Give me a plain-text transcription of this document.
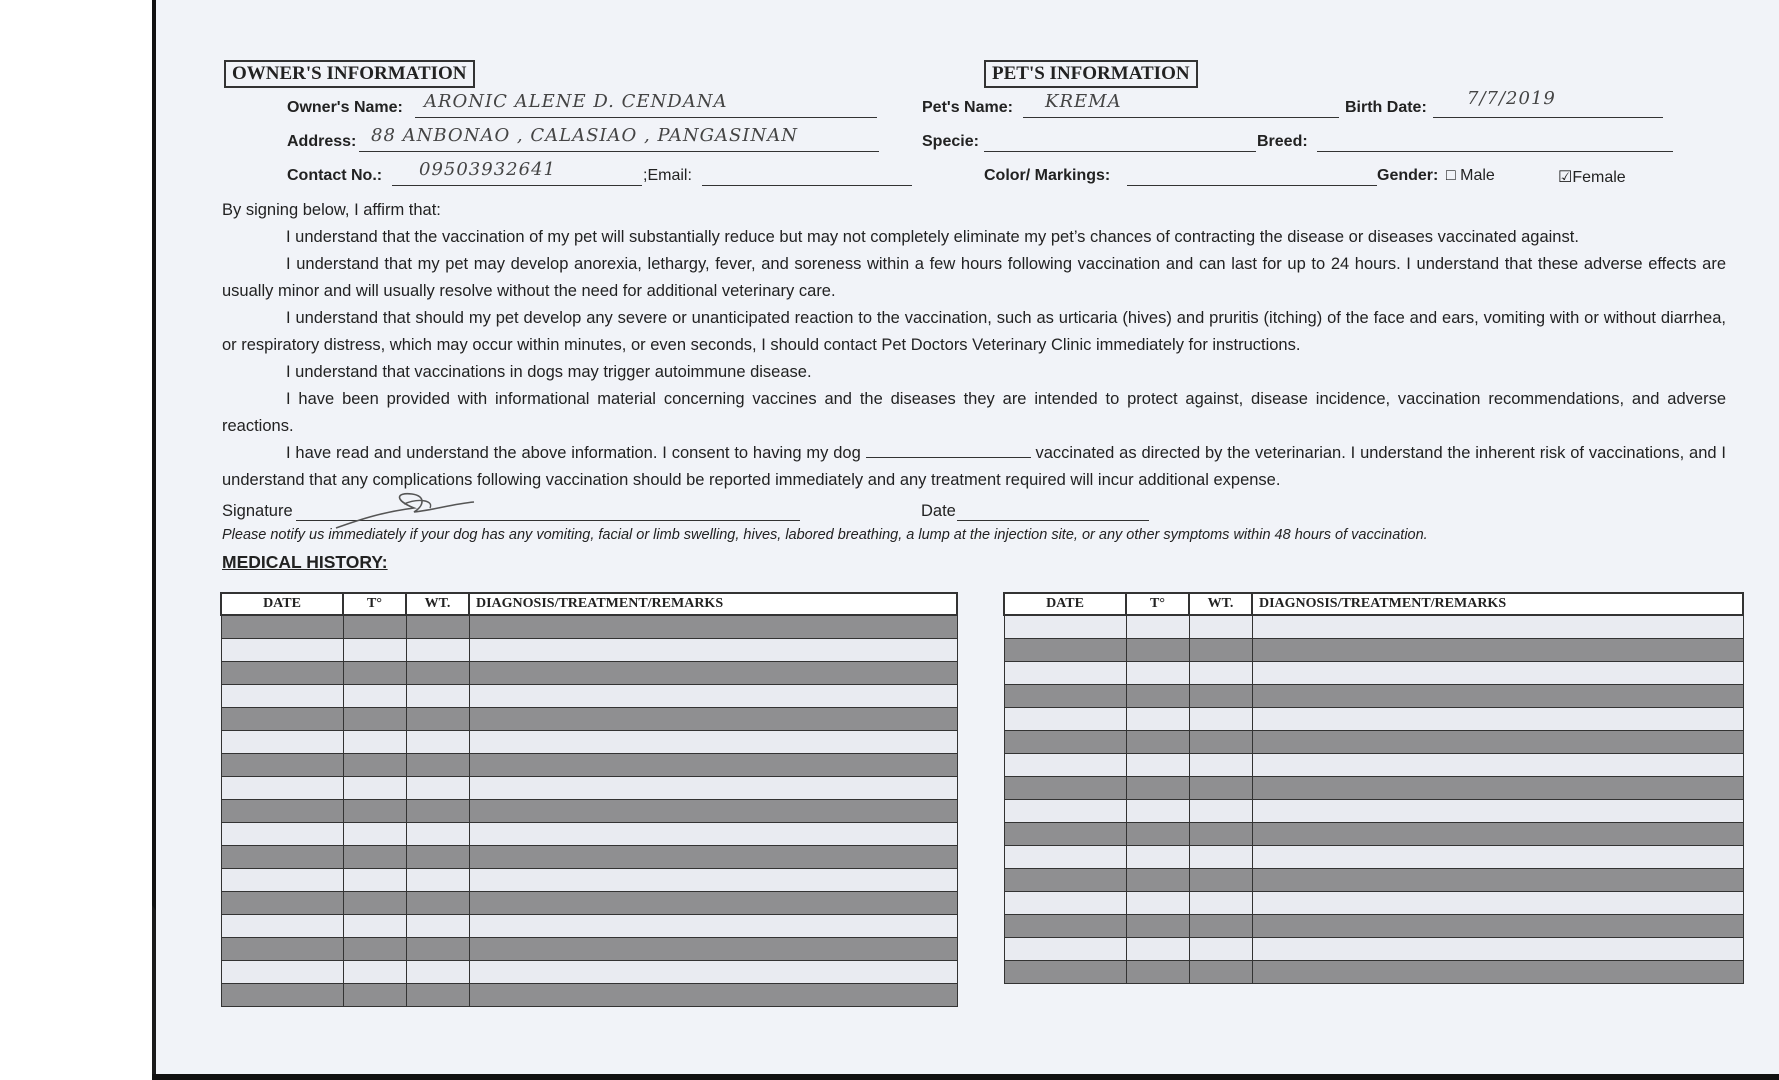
OWNER'S INFORMATION	PET'S INFORMATION
Owner's Name: ARONIC ALENE D. CENDANA	Pet's Name: KREMA	Birth Date: 7/7/2019
Address: 88 ANBONAO , CALASIAO , PANGASINAN	Specie:	Breed:
Contact No.: 09503932641	;Email:	Color/ Markings:	Gender: □ Male	☑Female
By signing below, I affirm that:

I understand that the vaccination of my pet will substantially reduce but may not completely eliminate my pet’s chances of contracting the disease or diseases vaccinated against.

I understand that my pet may develop anorexia, lethargy, fever, and soreness within a few hours following vaccination and can last for up to 24 hours. I understand that these adverse effects are usually minor and will usually resolve without the need for additional veterinary care.

I understand that should my pet develop any severe or unanticipated reaction to the vaccination, such as urticaria (hives) and pruritis (itching) of the face and ears, vomiting with or without diarrhea, or respiratory distress, which may occur within minutes, or even seconds, I should contact Pet Doctors Veterinary Clinic immediately for instructions.

I understand that vaccinations in dogs may trigger autoimmune disease.

I have been provided with informational material concerning vaccines and the diseases they are intended to protect against, disease incidence, vaccination recommendations, and adverse reactions.

I have read and understand the above information. I consent to having my dog	vaccinated as directed by the veterinarian. I understand the inherent risk of vaccinations, and I understand that any complications following vaccination should be reported immediately and any treatment required will incur additional expense.

Signature	Date
Please notify us immediately if your dog has any vomiting, facial or limb swelling, hives, labored breathing, a lump at the injection site, or any other symptoms within 48 hours of vaccination.
MEDICAL HISTORY:
DATE	T°	WT.	DIAGNOSIS/TREATMENT/REMARKS

				DATE	T°	WT.	DIAGNOSIS/TREATMENT/REMARKS
